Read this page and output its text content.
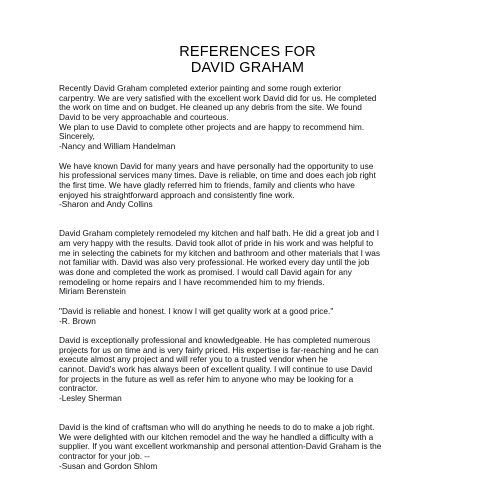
REFERENCES FOR
DAVID GRAHAM
Recently David Graham completed exterior painting and some rough exterior
carpentry. We are very satisfied with the excellent work David did for us. He completed
the work on time and on budget. He cleaned up any debris from the site. We found
David to be very approachable and courteous.
We plan to use David to complete other projects and are happy to recommend him.
Sincerely,
-Nancy and William Handelman
We have known David for many years and have personally had the opportunity to use
his professional services many times. Dave is reliable, on time and does each job right
the first time. We have gladly referred him to friends, family and clients who have
enjoyed his straightforward approach and consistently fine work.
-Sharon and Andy Collins
David Graham completely remodeled my kitchen and half bath. He did a great job and I
am very happy with the results. David took allot of pride in his work and was helpful to
me in selecting the cabinets for my kitchen and bathroom and other materials that I was
not familiar with. David was also very professional. He worked every day until the job
was done and completed the work as promised. I would call David again for any
remodeling or home repairs and I have recommended him to my friends.
Miriam Berenstein
"David is reliable and honest. I know I will get quality work at a good price."
-R. Brown
David is exceptionally professional and knowledgeable. He has completed numerous
projects for us on time and is very fairly priced. His expertise is far-reaching and he can
execute almost any project and will refer you to a trusted vendor when he
cannot. David's work has always been of excellent quality. I will continue to use David
for projects in the future as well as refer him to anyone who may be looking for a
contractor.
-Lesley Sherman
David is the kind of craftsman who will do anything he needs to do to make a job right.
We were delighted with our kitchen remodel and the way he handled a difficulty with a
supplier. If you want excellent workmanship and personal attention-David Graham is the
contractor for your job. --
-Susan and Gordon Shlom
